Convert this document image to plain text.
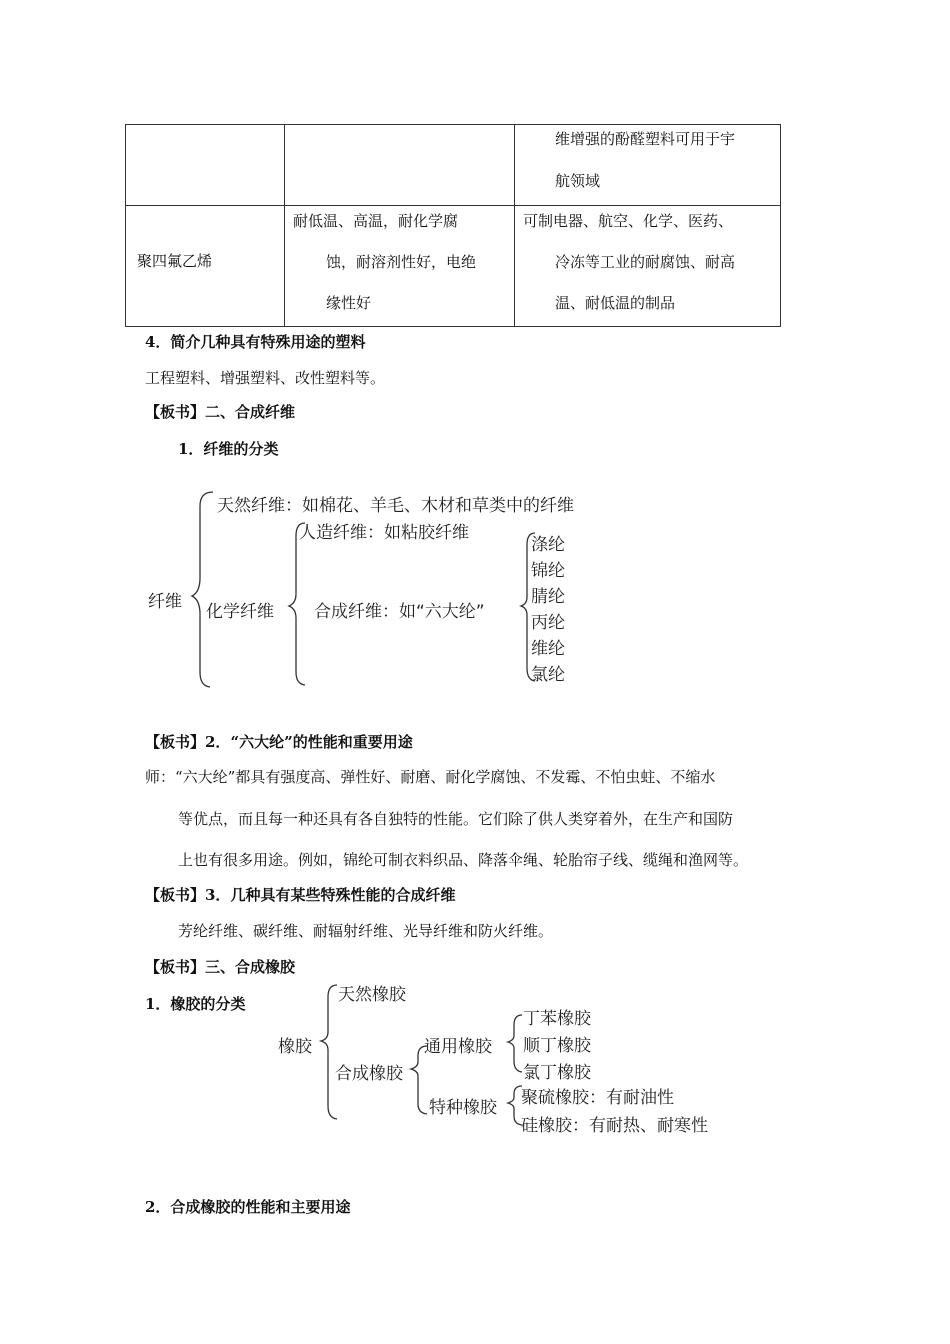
		维增强的酚醛塑料可用于宇
航领域

聚四氟乙烯	耐低温、高温，耐化学腐
蚀，耐溶剂性好，电绝
缘性好	可制电器、航空、化学、医药、
冷冻等工业的耐腐蚀、耐高
温、耐低温的制品
4．简介几种具有特殊用途的塑料
工程塑料、增强塑料、改性塑料等。
【板书】二、合成纤维
1．纤维的分类
纤维
天然纤维：如棉花、羊毛、木材和草类中的纤维
化学纤维
人造纤维：如粘胶纤维
合成纤维：如“六大纶”
涤纶
锦纶
腈纶
丙纶
维纶
氯纶
【板书】2．“六大纶”的性能和重要用途
师：“六大纶”都具有强度高、弹性好、耐磨、耐化学腐蚀、不发霉、不怕虫蛀、不缩水
等优点，而且每一种还具有各自独特的性能。它们除了供人类穿着外，在生产和国防
上也有很多用途。例如，锦纶可制衣料织品、降落伞绳、轮胎帘子线、缆绳和渔网等。
【板书】3．几种具有某些特殊性能的合成纤维
芳纶纤维、碳纤维、耐辐射纤维、光导纤维和防火纤维。
【板书】三、合成橡胶
1．橡胶的分类
橡胶
天然橡胶
合成橡胶
通用橡胶
特种橡胶
丁苯橡胶
顺丁橡胶
氯丁橡胶
聚硫橡胶：有耐油性
硅橡胶：有耐热、耐寒性
2．合成橡胶的性能和主要用途
